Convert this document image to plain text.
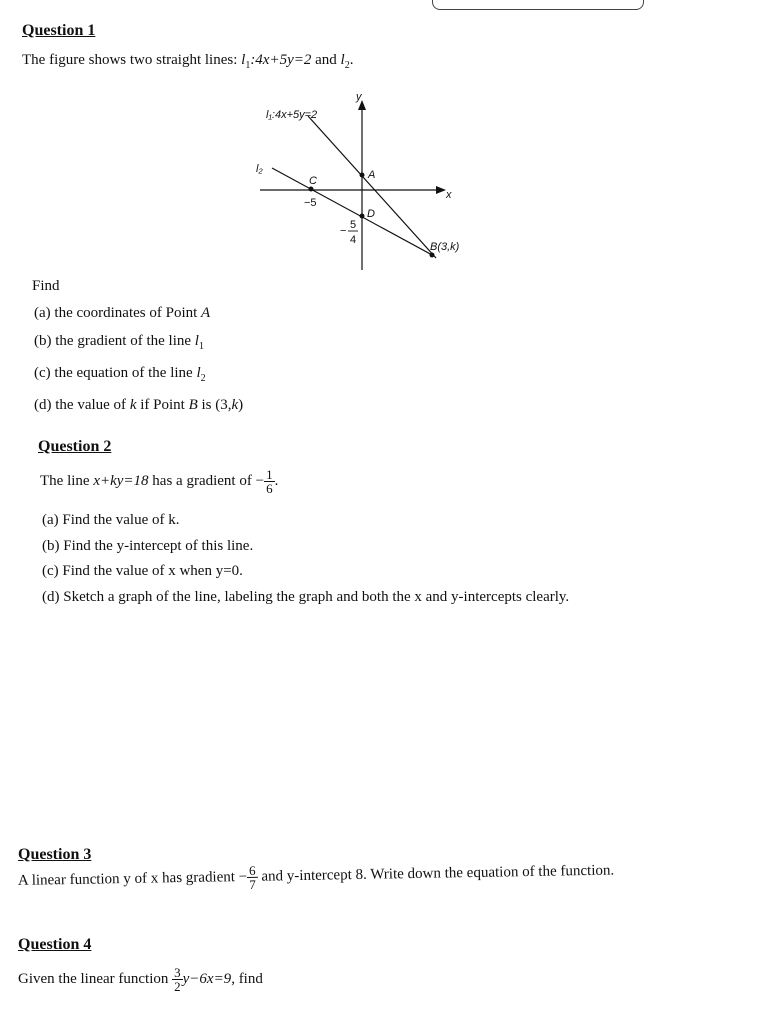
Question 1

The figure shows two straight lines: $l_1:4x+5y=2$ and $l_2$.

l₁:4x+5y=2
l₂
y
x
A
C
D
B(3,k)
−5
− 5
4

Find

(a) the coordinates of Point A

(b) the gradient of the line $l_1$

(c) the equation of the line $l_2$

(d) the value of k if Point B is (3,k)

Question 2

The line x+ky=18 has a gradient of − $\frac{1}{6}$ .

(a) Find the value of k.

(b) Find the y-intercept of this line.

(c) Find the value of x when y=0.

(d) Sketch a graph of the line, labeling the graph and both the x and y-intercepts clearly.

Question 3

A linear function y of x has gradient − $\frac{6}{7}$ and y-intercept 8. Write down the equation of the function.

Question 4

Given the linear function $\frac{3}{2} y-6x=9$, find
